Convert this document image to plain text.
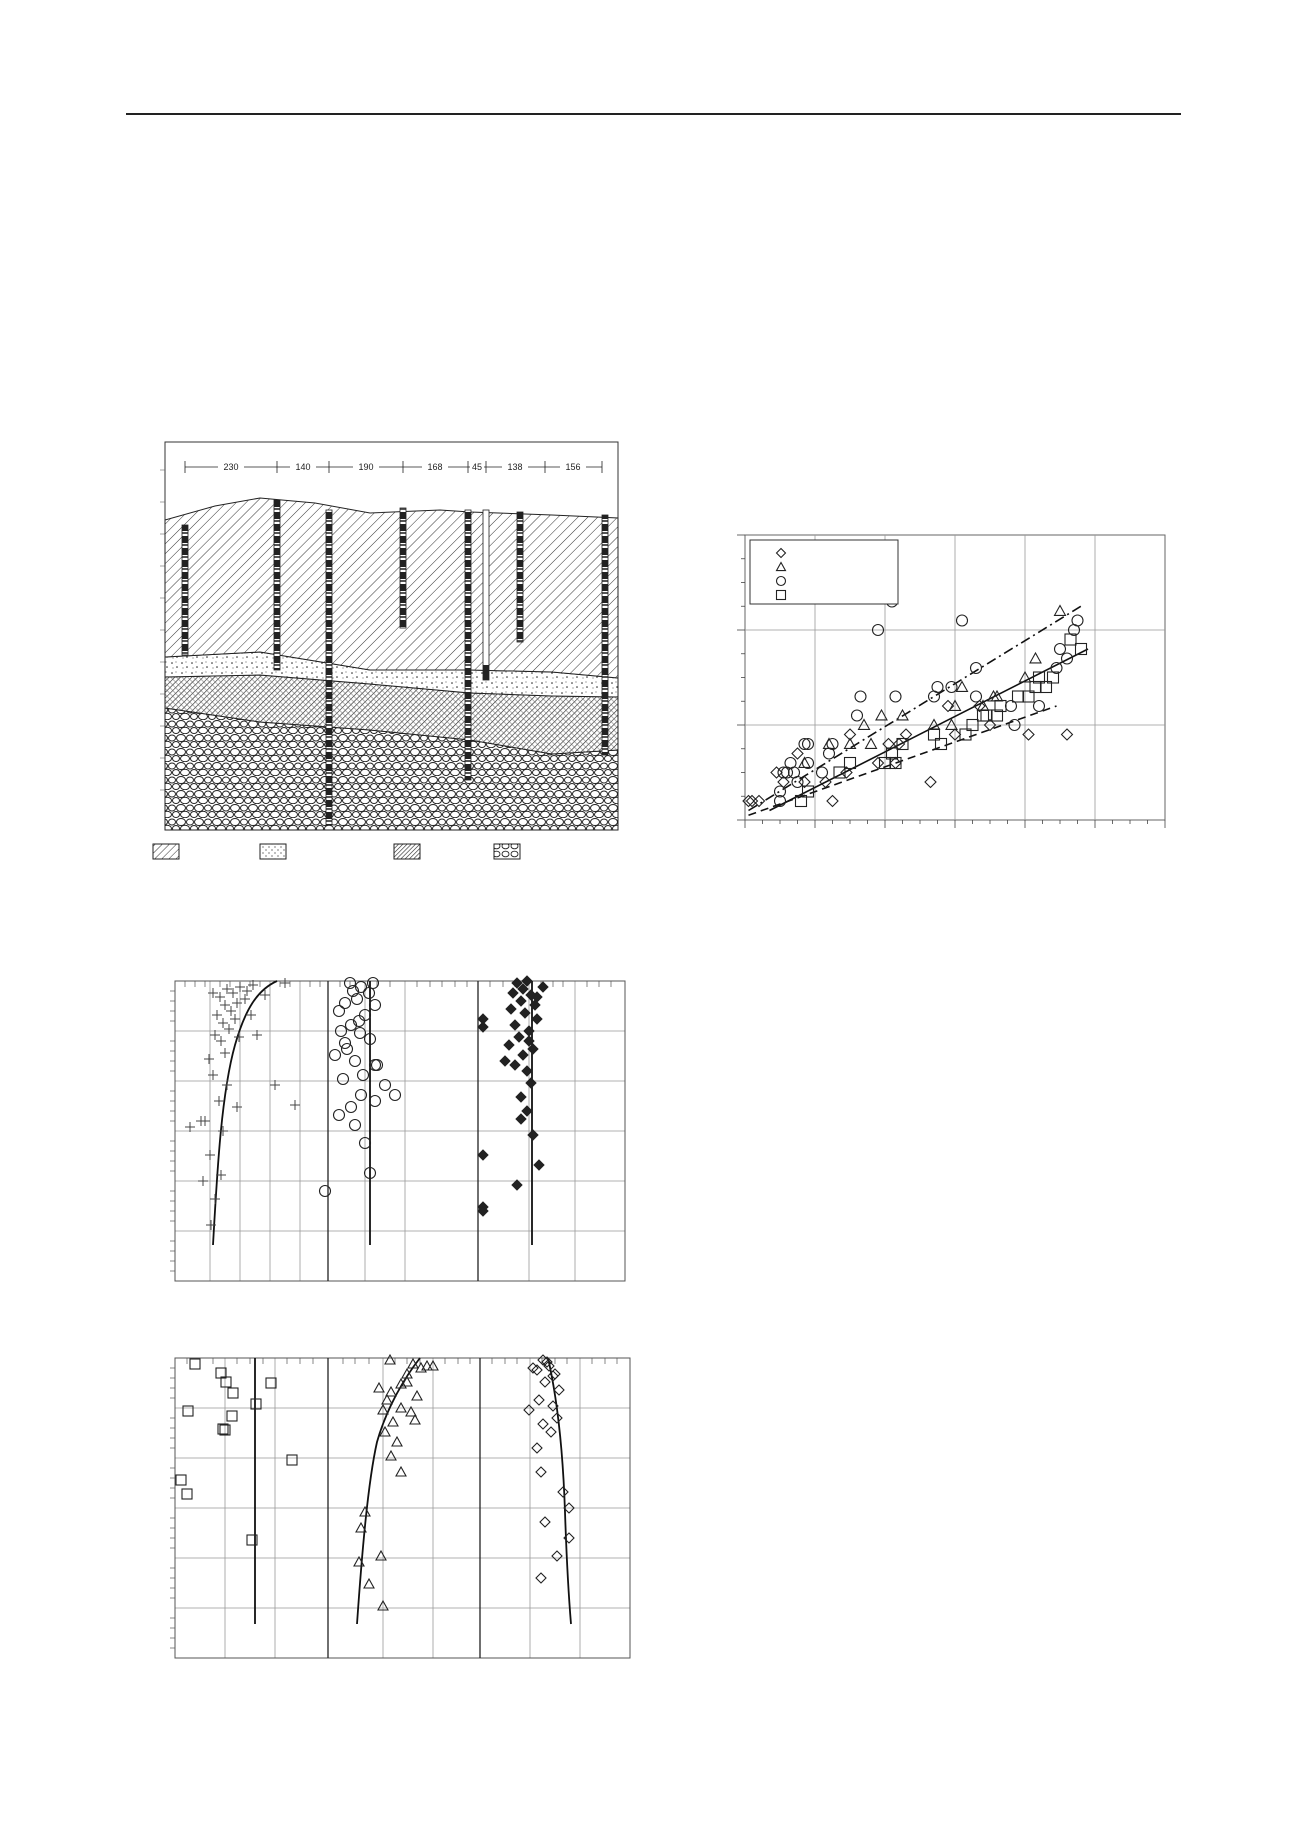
230	140	190	168	45	138	156
